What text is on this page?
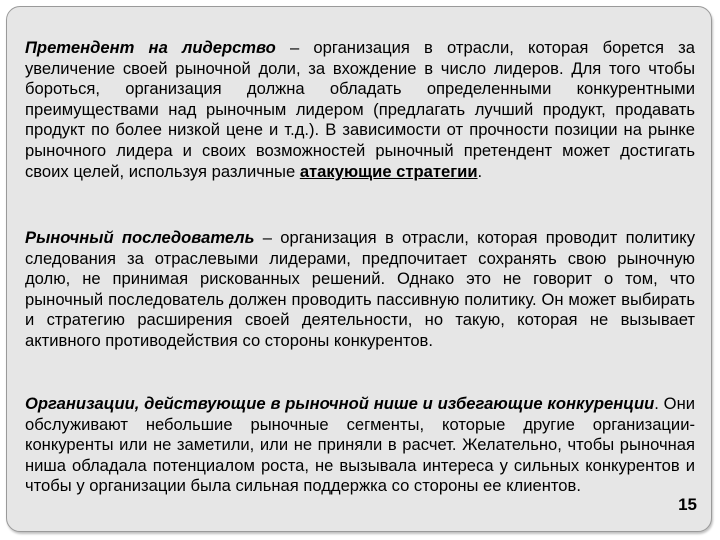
Претендент на лидерство – организация в отрасли, которая борется за увеличение своей рыночной доли, за вхождение в число лидеров. Для того чтобы бороться, организация должна обладать определенными конкурентными преимуществами над рыночным лидером (предлагать лучший продукт, продавать продукт по более низкой цене и т.д.). В зависимости от прочности позиции на рынке рыночного лидера и своих возможностей рыночный претендент может достигать своих целей, используя различные атакующие стратегии.

Рыночный последователь – организация в отрасли, которая проводит политику следования за отраслевыми лидерами, предпочитает сохранять свою рыночную долю, не принимая рискованных решений. Однако это не говорит о том, что рыночный последователь должен проводить пассивную политику. Он может выбирать и стратегию расширения своей деятельности, но такую, которая не вызывает активного противодействия со стороны конкурентов.

Организации, действующие в рыночной нише и избегающие конкуренции. Они обслуживают небольшие рыночные сегменты, которые другие организации-конкуренты или не заметили, или не приняли в расчет. Желательно, чтобы рыночная ниша обладала потенциалом роста, не вызывала интереса у сильных конкурентов и чтобы у организации была сильная поддержка со стороны ее клиентов.

15
